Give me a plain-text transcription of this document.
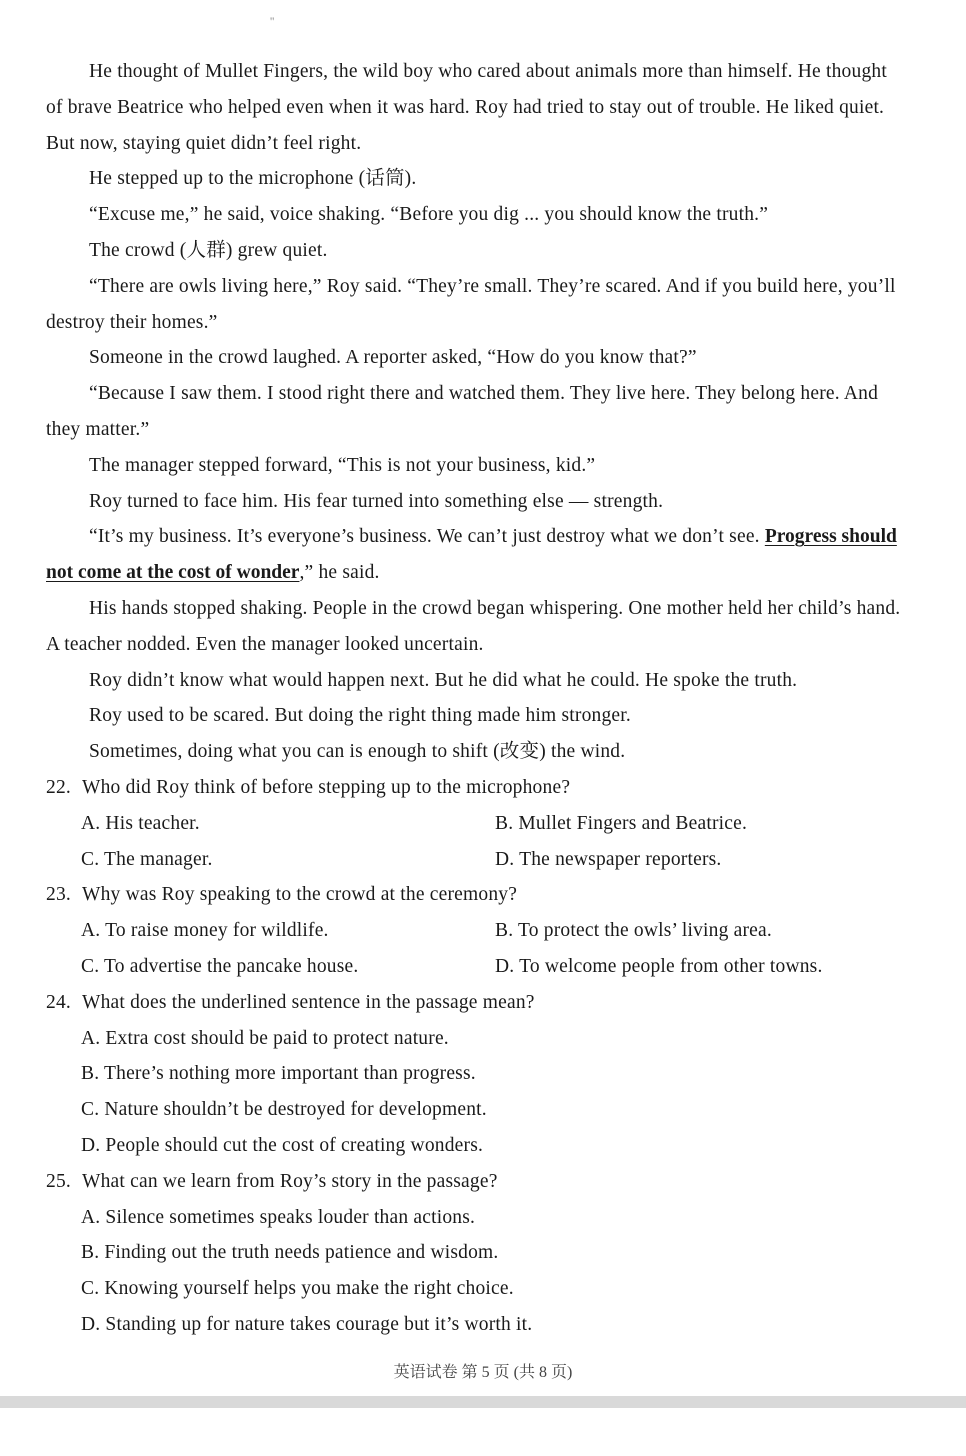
''

He thought of Mullet Fingers, the wild boy who cared about animals more than himself. He thought of brave Beatrice who helped even when it was hard. Roy had tried to stay out of trouble. He liked quiet. But now, staying quiet didn’t feel right.

He stepped up to the microphone (话筒).

“Excuse me,” he said, voice shaking. “Before you dig ... you should know the truth.”

The crowd (人群) grew quiet.

“There are owls living here,” Roy said. “They’re small. They’re scared. And if you build here, you’ll destroy their homes.”

Someone in the crowd laughed. A reporter asked, “How do you know that?”

“Because I saw them. I stood right there and watched them. They live here. They belong here. And they matter.”

The manager stepped forward, “This is not your business, kid.”

Roy turned to face him. His fear turned into something else — strength.

“It’s my business. It’s everyone’s business. We can’t just destroy what we don’t see. Progress should not come at the cost of wonder,” he said.

His hands stopped shaking. People in the crowd began whispering. One mother held her child’s hand. A teacher nodded. Even the manager looked uncertain.

Roy didn’t know what would happen next. But he did what he could. He spoke the truth.

Roy used to be scared. But doing the right thing made him stronger.

Sometimes, doing what you can is enough to shift (改变) the wind.

22. Who did Roy think of before stepping up to the microphone?

A. His teacher.	B. Mullet Fingers and Beatrice.

C. The manager.	D. The newspaper reporters.

23. Why was Roy speaking to the crowd at the ceremony?

A. To raise money for wildlife.	B. To protect the owls’ living area.

C. To advertise the pancake house.	D. To welcome people from other towns.

24. What does the underlined sentence in the passage mean?

A. Extra cost should be paid to protect nature.

B. There’s nothing more important than progress.

C. Nature shouldn’t be destroyed for development.

D. People should cut the cost of creating wonders.

25. What can we learn from Roy’s story in the passage?

A. Silence sometimes speaks louder than actions.

B. Finding out the truth needs patience and wisdom.

C. Knowing yourself helps you make the right choice.

D. Standing up for nature takes courage but it’s worth it.

英语试卷 第 5 页 (共 8 页)
